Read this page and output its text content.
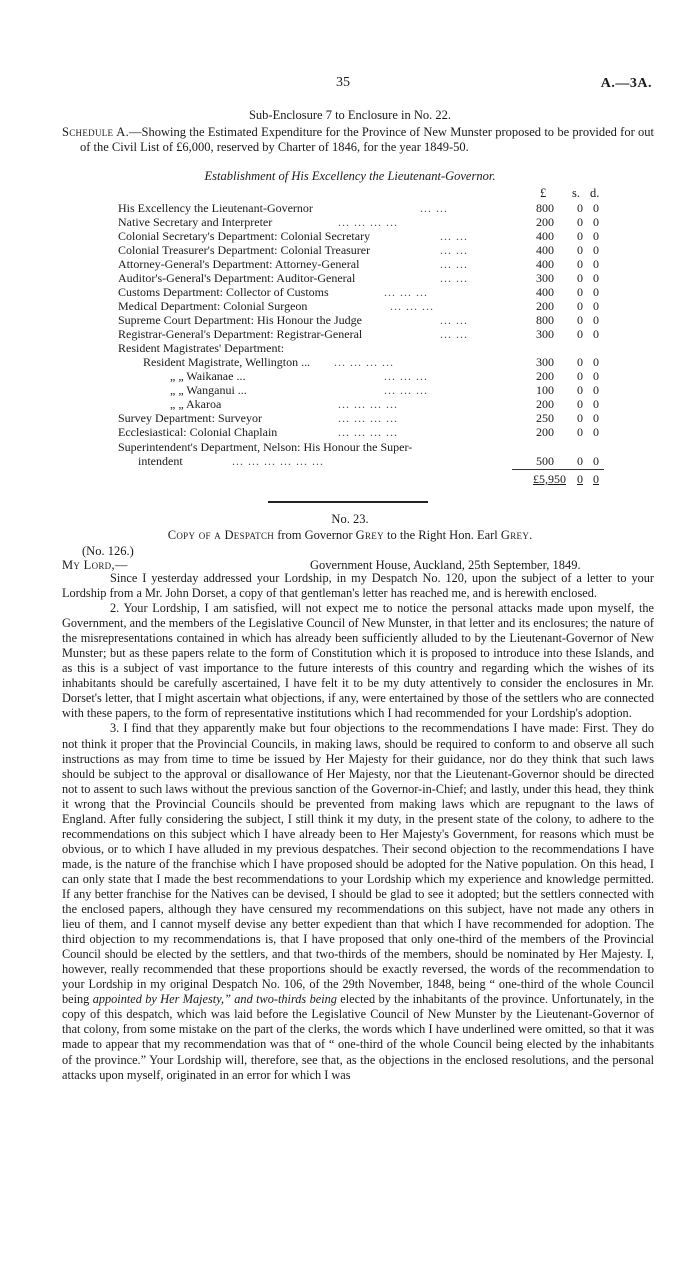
35	A.—3A.
Sub-Enclosure 7 to Enclosure in No. 22.

Schedule A.—Showing the Estimated Expenditure for the Province of New Munster proposed to be provided for out of the Civil List of £6,000, reserved by Charter of 1846, for the year 1849-50.

Establishment of His Excellency the Lieutenant-Governor.
£ s. d.
His Excellency the Lieutenant-Governor	... ...	800 0 0
Native Secretary and Interpreter	... ... ... ...	200 0 0
Colonial Secretary's Department: Colonial Secretary	... ...	400 0 0
Colonial Treasurer's Department: Colonial Treasurer	... ...	400 0 0
Attorney-General's Department: Attorney-General	... ...	400 0 0
Auditor's-General's Department: Auditor-General	... ...	300 0 0
Customs Department: Collector of Customs	... ... ...	400 0 0
Medical Department: Colonial Surgeon	... ... ...	200 0 0
Supreme Court Department: His Honour the Judge	... ...	800 0 0
Registrar-General's Department: Registrar-General	... ...	300 0 0
Resident Magistrates' Department:
Resident Magistrate, Wellington ... ... ... ... ...	300 0 0
„ „ Waikanae ...	... ... ...	200 0 0
„ „ Wanganui ...	... ... ...	100 0 0
„ „ Akaroa	... ... ... ...	200 0 0
Survey Department: Surveyor	... ... ... ...	250 0 0
Ecclesiastical: Colonial Chaplain	... ... ... ...	200 0 0
Superintendent's Department, Nelson: His Honour the Super-
intendent	... ... ... ... ... ...	500 0 0
£5,950 0 0
No. 23.
Copy of a Despatch from Governor Grey to the Right Hon. Earl Grey.
(No. 126.)
My Lord,—	Government House, Auckland, 25th September, 1849.

Since I yesterday addressed your Lordship, in my Despatch No. 120, upon the subject of a letter to your Lordship from a Mr. John Dorset, a copy of that gentleman's letter has reached me, and is herewith enclosed.

2. Your Lordship, I am satisfied, will not expect me to notice the personal attacks made upon myself, the Government, and the members of the Legislative Council of New Munster, in that letter and its enclosures; the nature of the misrepresentations contained in which has already been sufficiently alluded to by the Lieutenant-Governor of New Munster; but as these papers relate to the form of Constitution which it is proposed to introduce into these Islands, and as this is a subject of vast importance to the future interests of this country and regarding which the wishes of its inhabitants should be carefully ascertained, I have felt it to be my duty attentively to consider the enclosures in Mr. Dorset's letter, that I might ascertain what objections, if any, were entertained by those of the settlers who are connected with these papers, to the form of representative institutions which I had recommended for your Lordship's adoption.

3. I find that they apparently make but four objections to the recommendations I have made: First. They do not think it proper that the Provincial Councils, in making laws, should be required to conform to and observe all such instructions as may from time to time be issued by Her Majesty for their guidance, nor do they think that such laws should be subject to the approval or disallowance of Her Majesty, nor that the Lieutenant-Governor should be directed not to assent to such laws without the previous sanction of the Governor-in-Chief; and lastly, under this head, they think it wrong that the Provincial Councils should be prevented from making laws which are repugnant to the laws of England. After fully considering the subject, I still think it my duty, in the present state of the colony, to adhere to the recommendations on this subject which I have already been to Her Majesty's Government, for reasons which must be obvious, or to which I have alluded in my previous despatches. Their second objection to the recommendations I have made, is the nature of the franchise which I have proposed should be adopted for the Native population. On this head, I can only state that I made the best recommendations to your Lordship which my experience and knowledge permitted. If any better franchise for the Natives can be devised, I should be glad to see it adopted; but the settlers connected with the enclosed papers, although they have censured my recommendations on this subject, have not made any others in lieu of them, and I cannot myself devise any better expedient than that which I have recommended for adoption. The third objection to my recommendations is, that I have proposed that only one-third of the members of the Provincial Council should be elected by the settlers, and that two-thirds of the members, should be nominated by Her Majesty. I, however, really recommended that these proportions should be exactly reversed, the words of the recommendation to your Lordship in my original Despatch No. 106, of the 29th November, 1848, being “ one-third of the whole Council being appointed by Her Majesty,” and two-thirds being elected by the inhabitants of the province. Unfortunately, in the copy of this despatch, which was laid before the Legislative Council of New Munster by the Lieutenant-Governor of that colony, from some mistake on the part of the clerks, the words which I have underlined were omitted, so that it was made to appear that my recommendation was that of “ one-third of the whole Council being elected by the inhabitants of the province.” Your Lordship will, therefore, see that, as the objections in the enclosed resolutions, and the personal attacks upon myself, originated in an error for which I was
